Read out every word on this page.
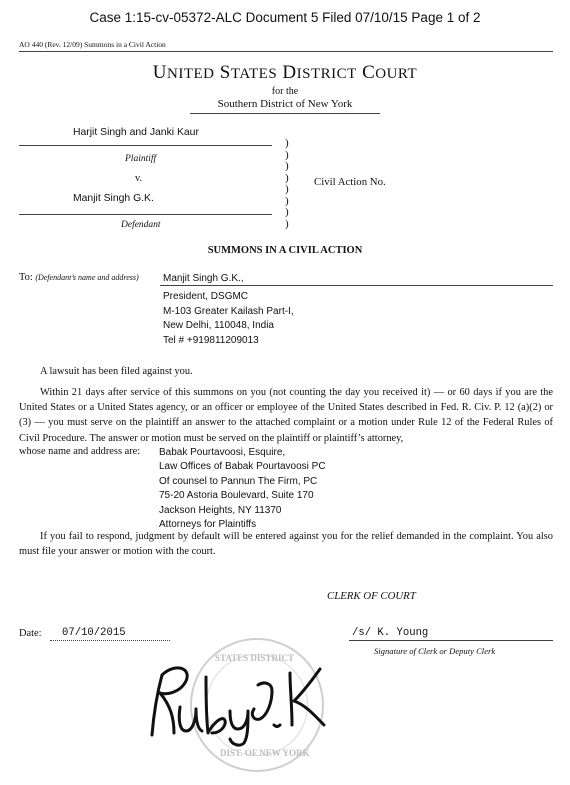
Case 1:15-cv-05372-ALC Document 5 Filed 07/10/15 Page 1 of 2
AO 440 (Rev. 12/09) Summons in a Civil Action
UNITED STATES DISTRICT COURT
for the
Southern District of New York
Harjit Singh and Janki Kaur
Plaintiff
v.
Manjit Singh G.K.
Defendant
)
)
)
)
)
)
)
)
Civil Action No.
SUMMONS IN A CIVIL ACTION
To: (Defendant’s name and address) Manjit Singh G.K.,
President, DSGMC
M-103 Greater Kailash Part-I,
New Delhi, 110048, India
Tel # +919811209013
A lawsuit has been filed against you.
Within 21 days after service of this summons on you (not counting the day you received it) — or 60 days if you are the United States or a United States agency, or an officer or employee of the United States described in Fed. R. Civ. P. 12 (a)(2) or (3) — you must serve on the plaintiff an answer to the attached complaint or a motion under Rule 12 of the Federal Rules of Civil Procedure. The answer or motion must be served on the plaintiff or plaintiff’s attorney,
whose name and address are: Babak Pourtavoosi, Esquire,
Law Offices of Babak Pourtavoosi PC
Of counsel to Pannun The Firm, PC
75-20 Astoria Boulevard, Suite 170
Jackson Heights, NY 11370
Attorneys for Plaintiffs
If you fail to respond, judgment by default will be entered against you for the relief demanded in the complaint. You also must file your answer or motion with the court.
CLERK OF COURT
Date: 07/10/2015	/s/ K. Young
Signature of Clerk or Deputy Clerk
STATES DISTRICT
DIST. OF NEW YORK
